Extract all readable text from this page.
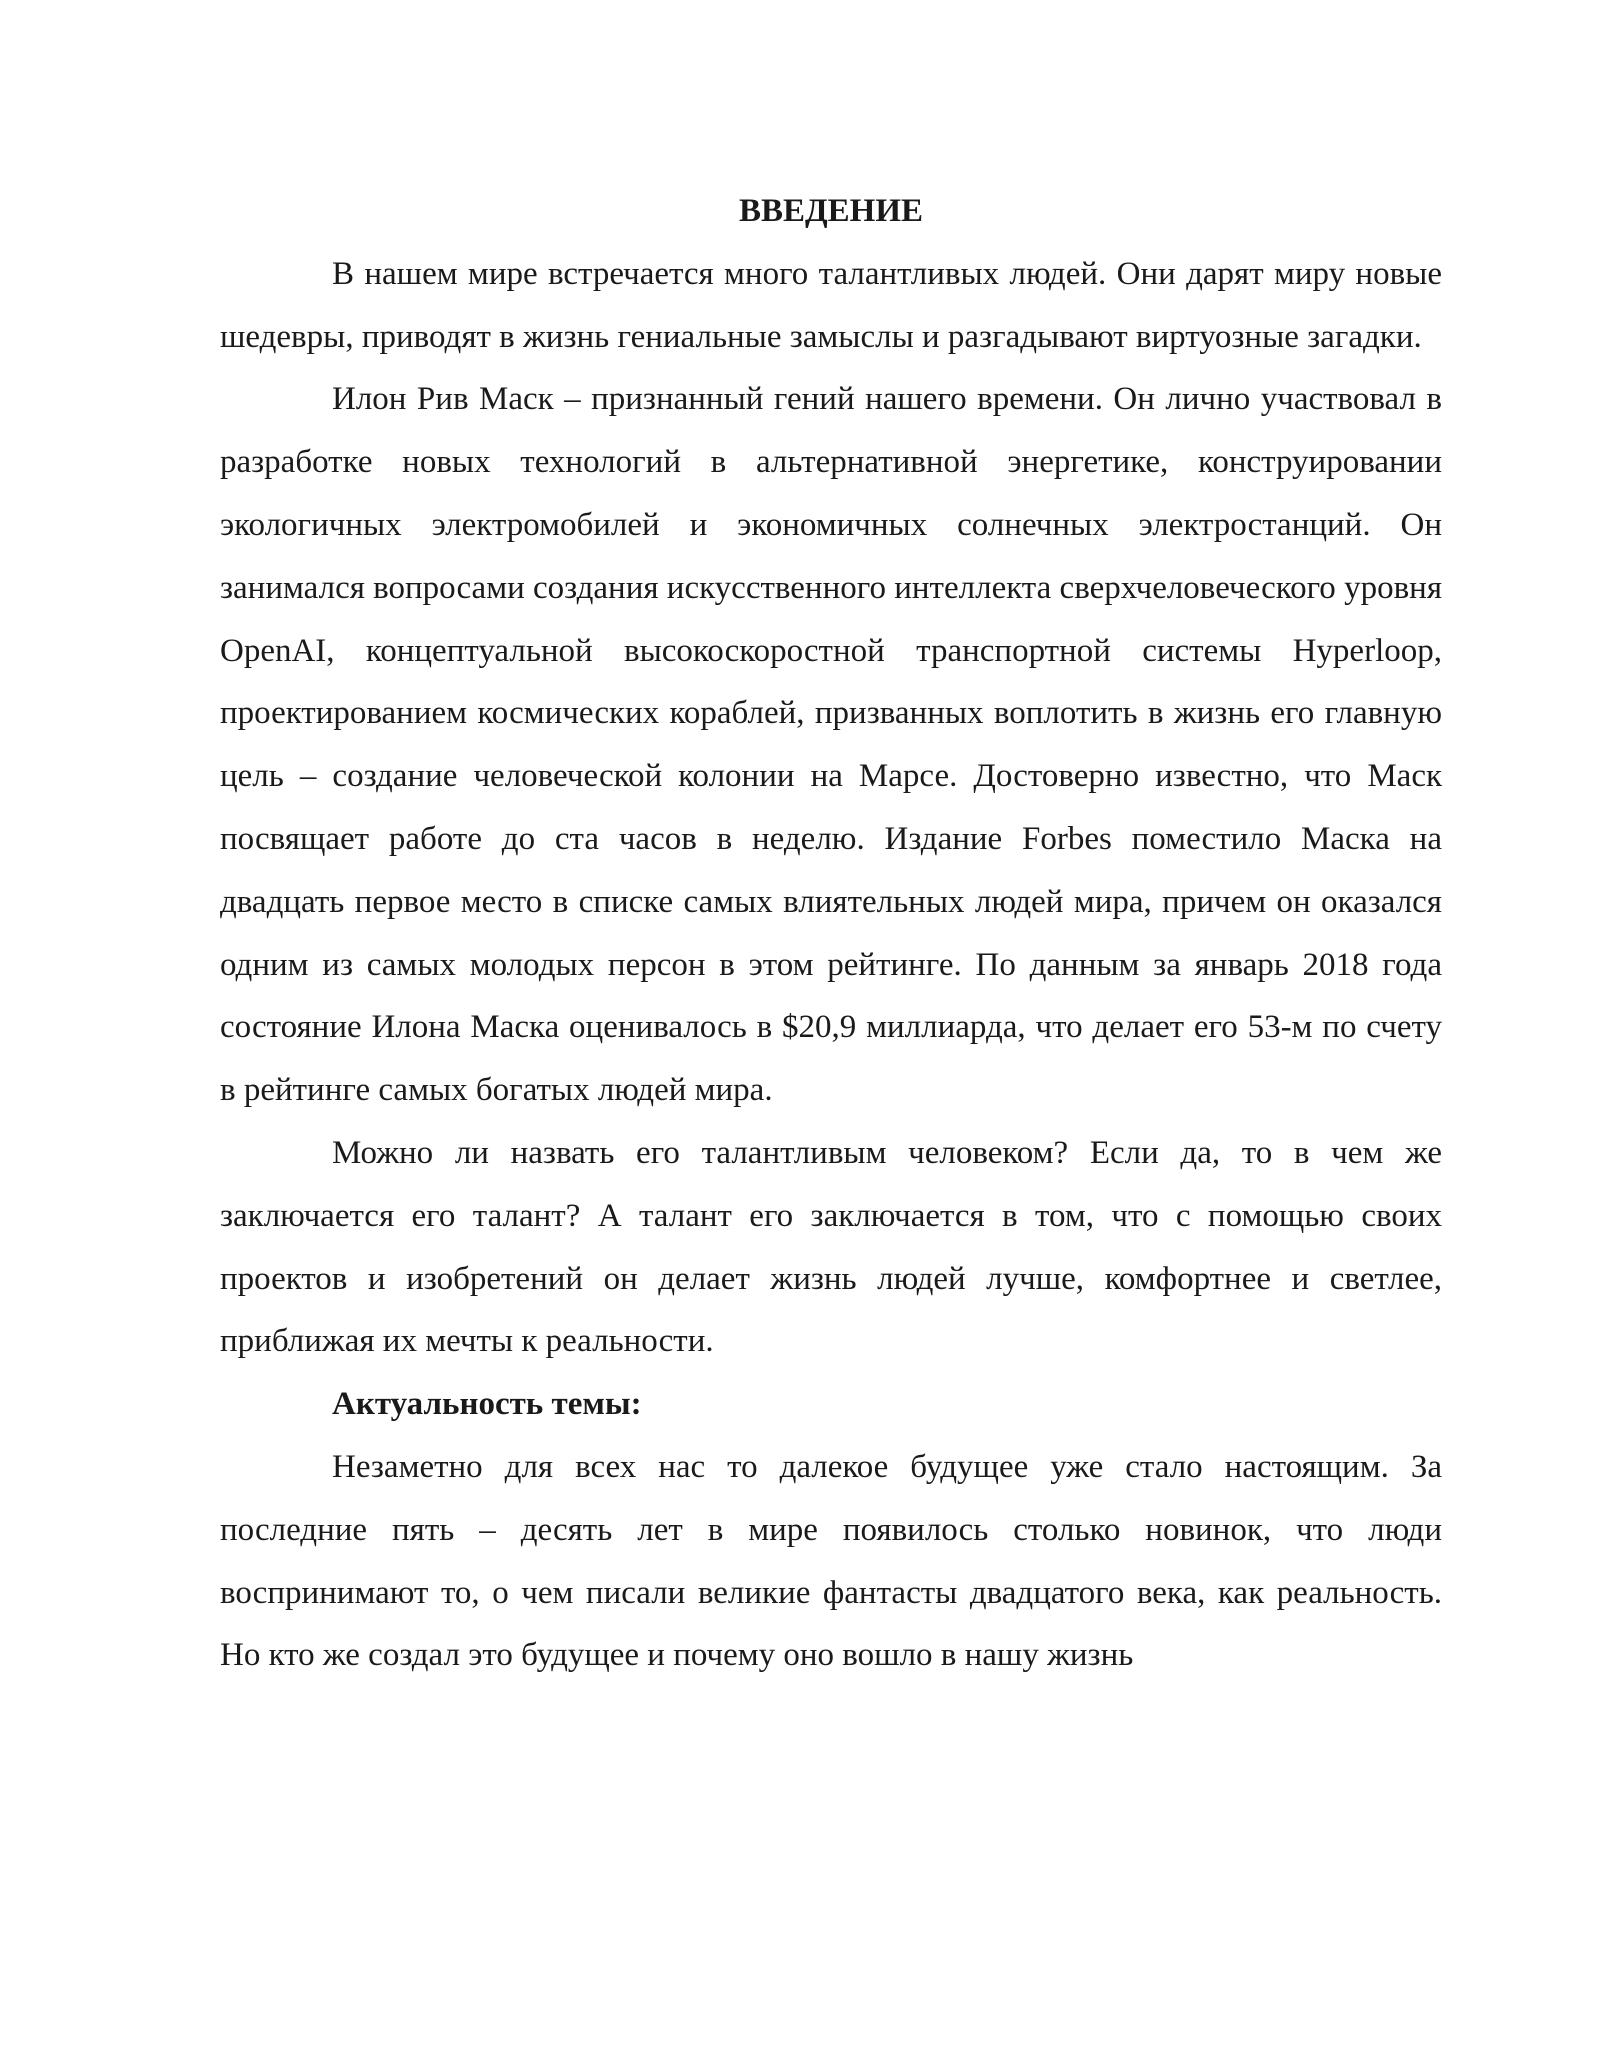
ВВЕДЕНИЕ

В нашем мире встречается много талантливых людей. Они дарят миру новые шедевры, приводят в жизнь гениальные замыслы и разгадывают виртуозные загадки.

Илон Рив Маск – признанный гений нашего времени. Он лично участвовал в разработке новых технологий в альтернативной энергетике, конструировании экологичных электромобилей и экономичных солнечных электростанций. Он занимался вопросами создания искусственного интеллекта сверхчеловеческого уровня OpenAI, концептуальной высокоскоростной транспортной системы Hyperloop, проектированием космических кораблей, призванных воплотить в жизнь его главную цель – создание человеческой колонии на Марсе. Достоверно известно, что Маск посвящает работе до ста часов в неделю. Издание Forbes поместило Маска на двадцать первое место в списке самых влиятельных людей мира, причем он оказался одним из самых молодых персон в этом рейтинге. По данным за январь 2018 года состояние Илона Маска оценивалось в $20,9 миллиарда, что делает его 53-м по счету в рейтинге самых богатых людей мира.

Можно ли назвать его талантливым человеком? Если да, то в чем же заключается его талант? А талант его заключается в том, что с помощью своих проектов и изобретений он делает жизнь людей лучше, комфортнее и светлее, приближая их мечты к реальности.

Актуальность темы:

Незаметно для всех нас то далекое будущее уже стало настоящим. За последние пять – десять лет в мире появилось столько новинок, что люди воспринимают то, о чем писали великие фантасты двадцатого века, как реальность. Но кто же создал это будущее и почему оно вошло в нашу жизнь
